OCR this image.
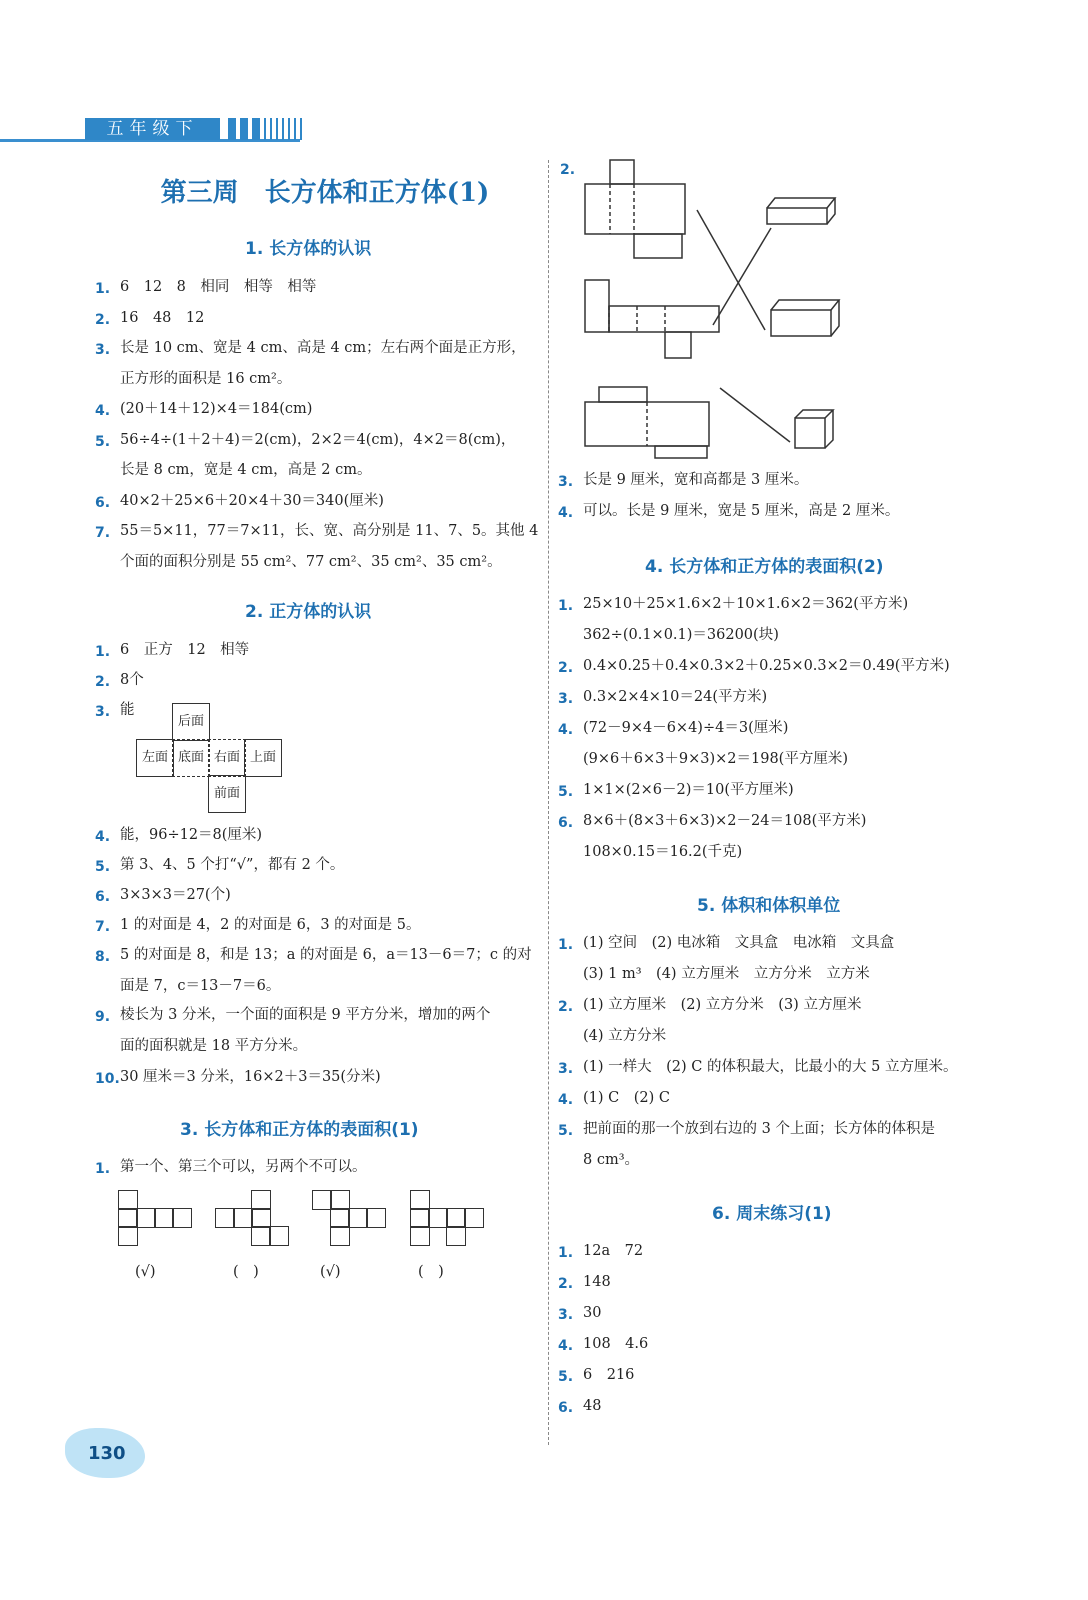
五年级下
第三周　长方体和正方体(1)
1. 长方体的认识
1. 6　12　8　相同　相等　相等
2. 16　48　12
3. 长是 10 cm、宽是 4 cm、高是 4 cm；左右两个面是正方形，
正方形的面积是 16 cm²。
4. (20＋14＋12)×4＝184(cm)
5. 56÷4÷(1＋2＋4)＝2(cm)，2×2＝4(cm)，4×2＝8(cm)，
长是 8 cm，宽是 4 cm，高是 2 cm。
6. 40×2＋25×6＋20×4＋30＝340(厘米)
7. 55＝5×11，77＝7×11，长、宽、高分别是 11、7、5。其他 4
个面的面积分别是 55 cm²、77 cm²、35 cm²、35 cm²。
2. 正方体的认识
1. 6　正方　12　相等
2. 8个
3. 能
4. 能，96÷12＝8(厘米)
5. 第 3、4、5 个打“√”，都有 2 个。
6. 3×3×3＝27(个)
7. 1 的对面是 4，2 的对面是 6，3 的对面是 5。
8. 5 的对面是 8，和是 13；a 的对面是 6，a＝13－6＝7；c 的对
面是 7，c＝13－7＝6。
9. 棱长为 3 分米，一个面的面积是 9 平方分米，增加的两个
面的面积就是 18 平方分米。
10. 30 厘米＝3 分米，16×2＋3＝35(分米)
后面
左面 底面 右面 上面
前面
3. 长方体和正方体的表面积(1)
1. 第一个、第三个可以，另两个不可以。
(√)	(　)	(√)	(　)
2.
3. 长是 9 厘米，宽和高都是 3 厘米。
4. 可以。长是 9 厘米，宽是 5 厘米，高是 2 厘米。
4. 长方体和正方体的表面积(2)
1. 25×10＋25×1.6×2＋10×1.6×2＝362(平方米)
362÷(0.1×0.1)＝36200(块)
2. 0.4×0.25＋0.4×0.3×2＋0.25×0.3×2＝0.49(平方米)
3. 0.3×2×4×10＝24(平方米)
4. (72－9×4－6×4)÷4＝3(厘米)
(9×6＋6×3＋9×3)×2＝198(平方厘米)
5. 1×1×(2×6－2)＝10(平方厘米)
6. 8×6＋(8×3＋6×3)×2－24＝108(平方米)
108×0.15＝16.2(千克)
5. 体积和体积单位
1. (1) 空间　(2) 电冰箱　文具盒　电冰箱　文具盒
(3) 1 m³　(4) 立方厘米　立方分米　立方米
2. (1) 立方厘米　(2) 立方分米　(3) 立方厘米
(4) 立方分米
3. (1) 一样大　(2) C 的体积最大，比最小的大 5 立方厘米。
4. (1) C　(2) C
5. 把前面的那一个放到右边的 3 个上面；长方体的体积是
8 cm³。
6. 周末练习(1)
1. 12a　72
2. 148
3. 30
4. 108　4.6
5. 6　216
6. 48
130
